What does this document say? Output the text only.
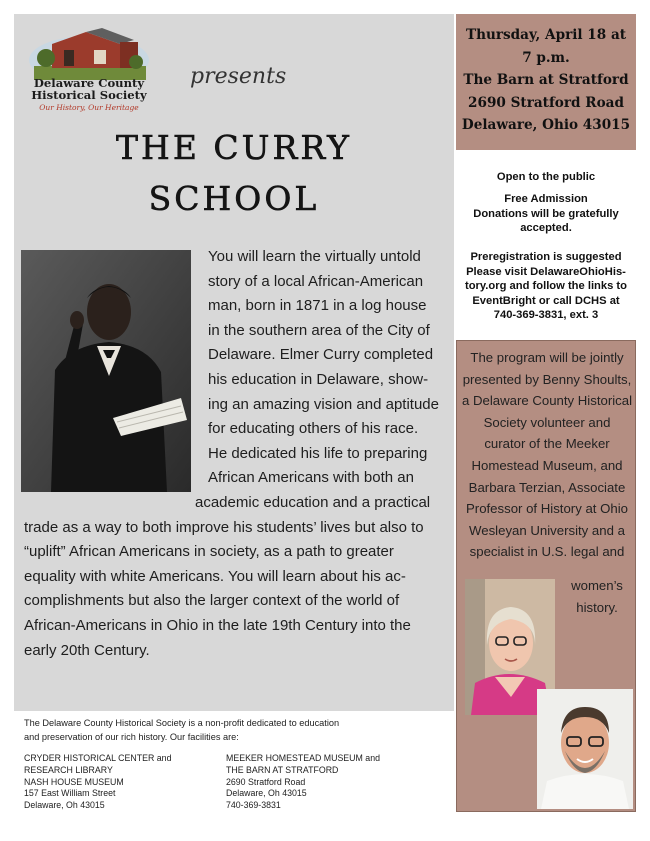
Delaware County
Historical Society
Our History, Our Heritage
presents
THE CURRY
SCHOOL
You will learn the virtually untold
story of a local African-American
man, born in 1871 in a log house
in the southern area of the City of
Delaware. Elmer Curry completed
his education in Delaware, show-
ing an amazing vision and aptitude
for educating others of his race.
He dedicated his life to preparing
African Americans with both an
academic education and a practical
trade as a way to both improve his students’ lives but also to
“uplift” African Americans in society, as a path to greater
equality with white Americans. You will learn about his ac-
complishments but also the larger context of the world of
African-Americans in Ohio in the late 19th Century into the
early 20th Century.
Thursday, April 18 at
7 p.m.
The Barn at Stratford
2690 Stratford Road
Delaware, Ohio 43015
Open to the public
Free Admission
Donations will be gratefully
accepted.
Preregistration is suggested
Please visit DelawareOhioHis-
tory.org and follow the links to
EventBright or call DCHS at
740-369-3831, ext. 3
The program will be jointly
presented by Benny Shoults,
a Delaware County Historical
Society volunteer and
curator of the Meeker
Homestead Museum, and
Barbara Terzian, Associate
Professor of History at Ohio
Wesleyan University and a
specialist in U.S. legal and
women’s
history.
The Delaware County Historical Society is a non-profit dedicated to education
and preservation of our rich history. Our facilities are:
CRYDER HISTORICAL CENTER and
RESEARCH LIBRARY
NASH HOUSE MUSEUM
157 East William Street
Delaware, Oh 43015
MEEKER HOMESTEAD MUSEUM and
THE BARN AT STRATFORD
2690 Stratford Road
Delaware, Oh 43015
740-369-3831
